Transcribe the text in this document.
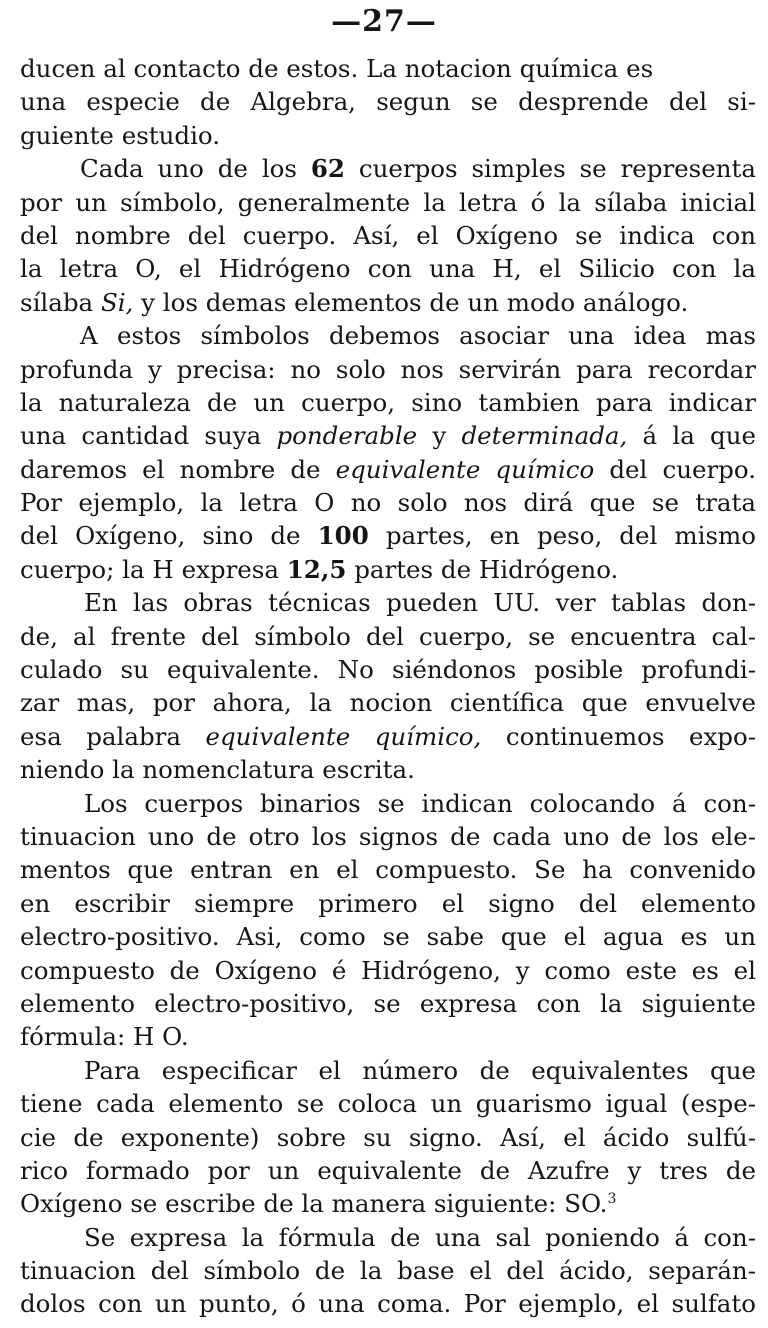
—27—
ducen al contacto de estos. La notacion química es
una especie de Algebra, segun se desprende del si-
guiente estudio.
Cada uno de los 62 cuerpos simples se representa
por un símbolo, generalmente la letra ó la sílaba inicial
del nombre del cuerpo. Así, el Oxígeno se indica con
la letra O, el Hidrógeno con una H, el Silicio con la
sílaba Si, y los demas elementos de un modo análogo.
A estos símbolos debemos asociar una idea mas
profunda y precisa: no solo nos servirán para recordar
la naturaleza de un cuerpo, sino tambien para indicar
una cantidad suya ponderable y determinada, á la que
daremos el nombre de equivalente químico del cuerpo.
Por ejemplo, la letra O no solo nos dirá que se trata
del Oxígeno, sino de 100 partes, en peso, del mismo
cuerpo; la H expresa 12,5 partes de Hidrógeno.
En las obras técnicas pueden UU. ver tablas don-
de, al frente del símbolo del cuerpo, se encuentra cal-
culado su equivalente. No siéndonos posible profundi-
zar mas, por ahora, la nocion científica que envuelve
esa palabra equivalente químico, continuemos expo-
niendo la nomenclatura escrita.
Los cuerpos binarios se indican colocando á con-
tinuacion uno de otro los signos de cada uno de los ele-
mentos que entran en el compuesto. Se ha convenido
en escribir siempre primero el signo del elemento
electro-positivo. Asi, como se sabe que el agua es un
compuesto de Oxígeno é Hidrógeno, y como este es el
elemento electro-positivo, se expresa con la siguiente
fórmula: H O.
Para especificar el número de equivalentes que
tiene cada elemento se coloca un guarismo igual (espe-
cie de exponente) sobre su signo. Así, el ácido sulfú-
rico formado por un equivalente de Azufre y tres de
Oxígeno se escribe de la manera siguiente: SO.$^3$
Se expresa la fórmula de una sal poniendo á con-
tinuacion del símbolo de la base el del ácido, separán-
dolos con un punto, ó una coma. Por ejemplo, el sulfato
